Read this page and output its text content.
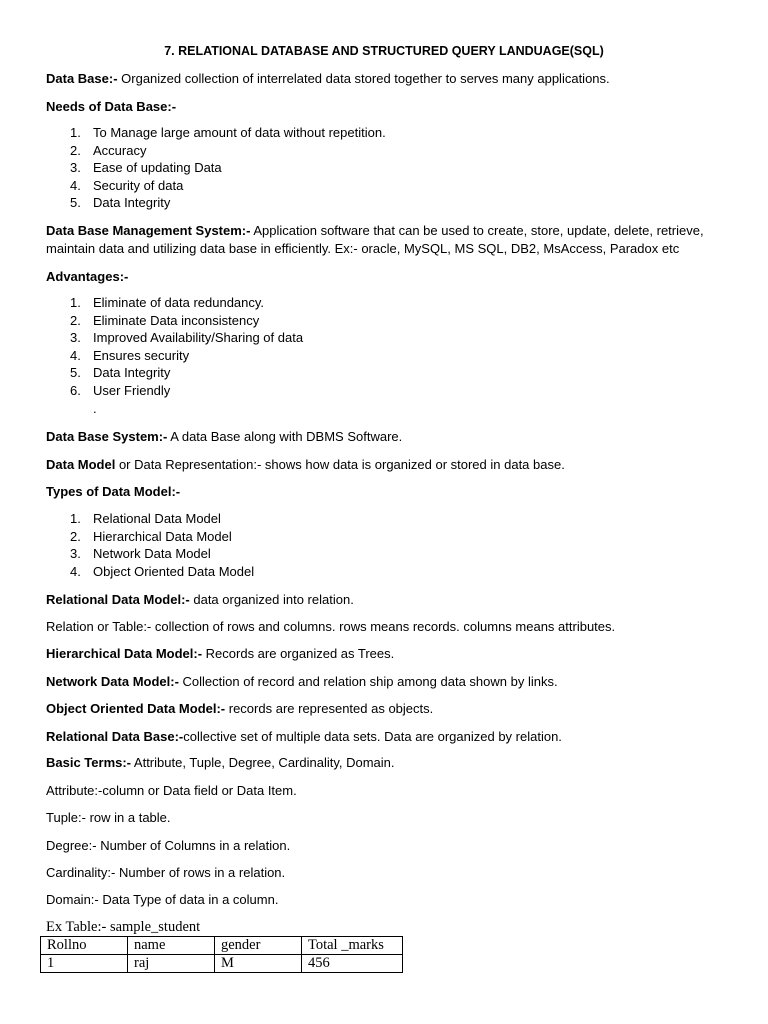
7. RELATIONAL DATABASE AND STRUCTURED QUERY LANDUAGE(SQL)
Data Base:- Organized collection of interrelated data stored together to serves many applications.
Needs of Data Base:-
1. To Manage large amount of data without repetition.
2. Accuracy
3. Ease of updating Data
4. Security of data
5. Data Integrity
Data Base Management System:- Application software that can be used to create, store, update, delete, retrieve, maintain data and utilizing data base in efficiently. Ex:- oracle, MySQL, MS SQL, DB2, MsAccess, Paradox etc
Advantages:-
1. Eliminate of data redundancy.
2. Eliminate Data inconsistency
3. Improved Availability/Sharing of data
4. Ensures security
5. Data Integrity
6. User Friendly
.
Data Base System:- A data Base along with DBMS Software.
Data Model or Data Representation:- shows how data is organized or stored in data base.
Types of Data Model:-
1. Relational Data Model
2. Hierarchical Data Model
3. Network Data Model
4. Object Oriented Data Model
Relational Data Model:- data organized into relation.
Relation or Table:- collection of rows and columns. rows means records. columns means attributes.
Hierarchical Data Model:- Records are organized as Trees.
Network Data Model:- Collection of record and relation ship among data shown by links.
Object Oriented Data Model:- records are represented as objects.
Relational Data Base:-collective set of multiple data sets. Data are organized by relation.
Basic Terms:- Attribute, Tuple, Degree, Cardinality, Domain.
Attribute:-column or Data field or Data Item.
Tuple:- row in a table.
Degree:- Number of Columns in a relation.
Cardinality:- Number of rows in a relation.
Domain:- Data Type of data in a column.
Ex Table:- sample_student
Rollno	name	gender	Total _marks
1	raj	M	456
